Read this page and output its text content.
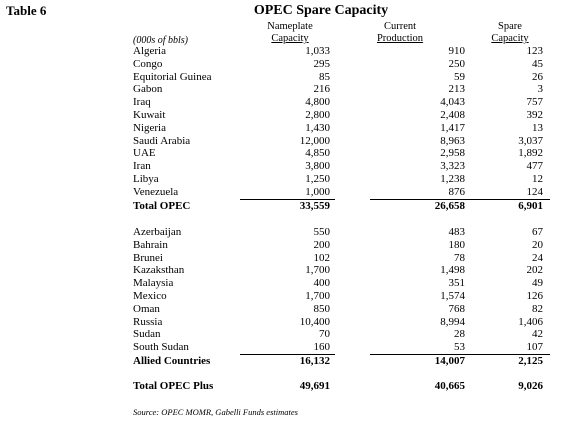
Table 6	OPEC Spare Capacity
Nameplate
Capacity
Current
Production
Spare
Capacity
(000s of bbls)
Algeria	1,033	910	123
Congo	295	250	45
Equitorial Guinea	85	59	26
Gabon	216	213	3
Iraq	4,800	4,043	757
Kuwait	2,800	2,408	392
Nigeria	1,430	1,417	13
Saudi Arabia	12,000	8,963	3,037
UAE	4,850	2,958	1,892
Iran	3,800	3,323	477
Libya	1,250	1,238	12
Venezuela	1,000	876	124
Total OPEC	33,559	26,658	6,901
Azerbaijan	550	483	67
Bahrain	200	180	20
Brunei	102	78	24
Kazaksthan	1,700	1,498	202
Malaysia	400	351	49
Mexico	1,700	1,574	126
Oman	850	768	82
Russia	10,400	8,994	1,406
Sudan	70	28	42
South Sudan	160	53	107
Allied Countries	16,132	14,007	2,125
Total OPEC Plus	49,691	40,665	9,026
Source: OPEC MOMR, Gabelli Funds estimates
